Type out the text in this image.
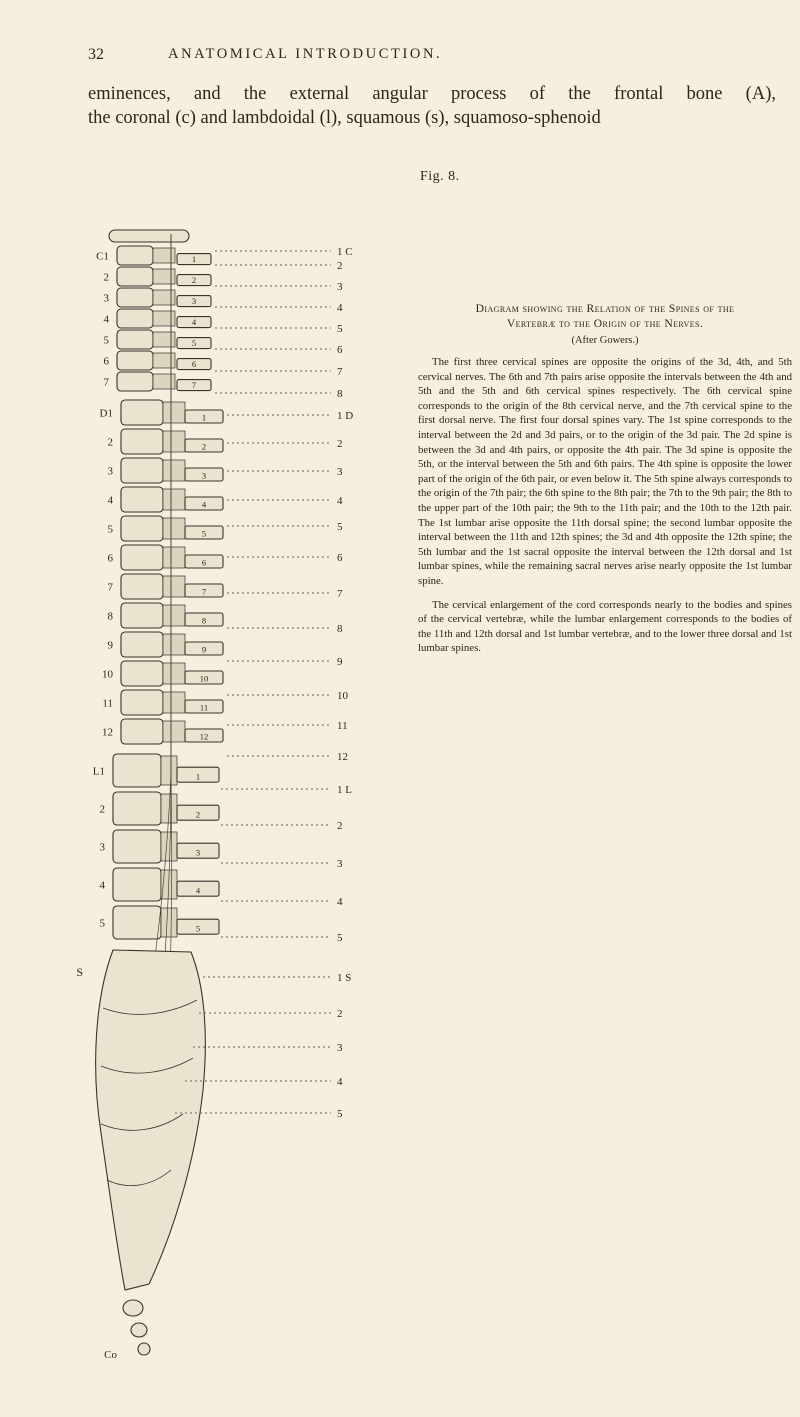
32	ANATOMICAL INTRODUCTION.
eminences, and the external angular process of the frontal bone (A),
the coronal (c) and lambdoidal (l), squamous (s), squamoso-sphenoid
Fig. 8.
1
C1
2
2
3
3
4
4
5
5
6
6
7
7
1
D1
2
2
3
3
4
4
5
5
6
6
7
7
8
8
9
9
10
10
11
11
12
12
1
L1
2
2
3
3
4
4
5
5
S
Co
1 C
2
3
4
5
6
7
8
1 D
2
3
4
5
6
7
8
9
10
11
12
1 L
2
3
4
5
1 S
2
3
4
5
Diagram showing the Relation of the Spines of the
Vertebræ to the Origin of the Nerves.
(After Gowers.)

The first three cervical spines are opposite the origins of the 3d, 4th, and 5th cervical nerves. The 6th and 7th pairs arise opposite the intervals between the 4th and 5th and the 5th and 6th cervical spines respectively. The 6th cervical spine corresponds to the origin of the 8th cervical nerve, and the 7th cervical spine to the first dorsal nerve. The first four dorsal spines vary. The 1st spine corresponds to the interval between the 2d and 3d pairs, or to the origin of the 3d pair. The 2d spine is between the 3d and 4th pairs, or opposite the 4th pair. The 3d spine is opposite the 5th, or the interval between the 5th and 6th pairs. The 4th spine is opposite the lower part of the origin of the 6th pair, or even below it. The 5th spine always corresponds to the origin of the 7th pair; the 6th spine to the 8th pair; the 7th to the 9th pair; the 8th to the upper part of the 10th pair; the 9th to the 11th pair; and the 10th to the 12th pair. The 1st lumbar arise opposite the 11th dorsal spine; the second lumbar opposite the interval between the 11th and 12th spines; the 3d and 4th opposite the 12th spine; the 5th lumbar and the 1st sacral opposite the interval between the 12th dorsal and 1st lumbar spines, while the remaining sacral nerves arise nearly opposite the 1st lumbar spine.

The cervical enlargement of the cord corresponds nearly to the bodies and spines of the cervical vertebræ, while the lumbar enlargement corresponds to the bodies of the 11th and 12th dorsal and 1st lumbar vertebræ, and to the lower three dorsal and 1st lumbar spines.
